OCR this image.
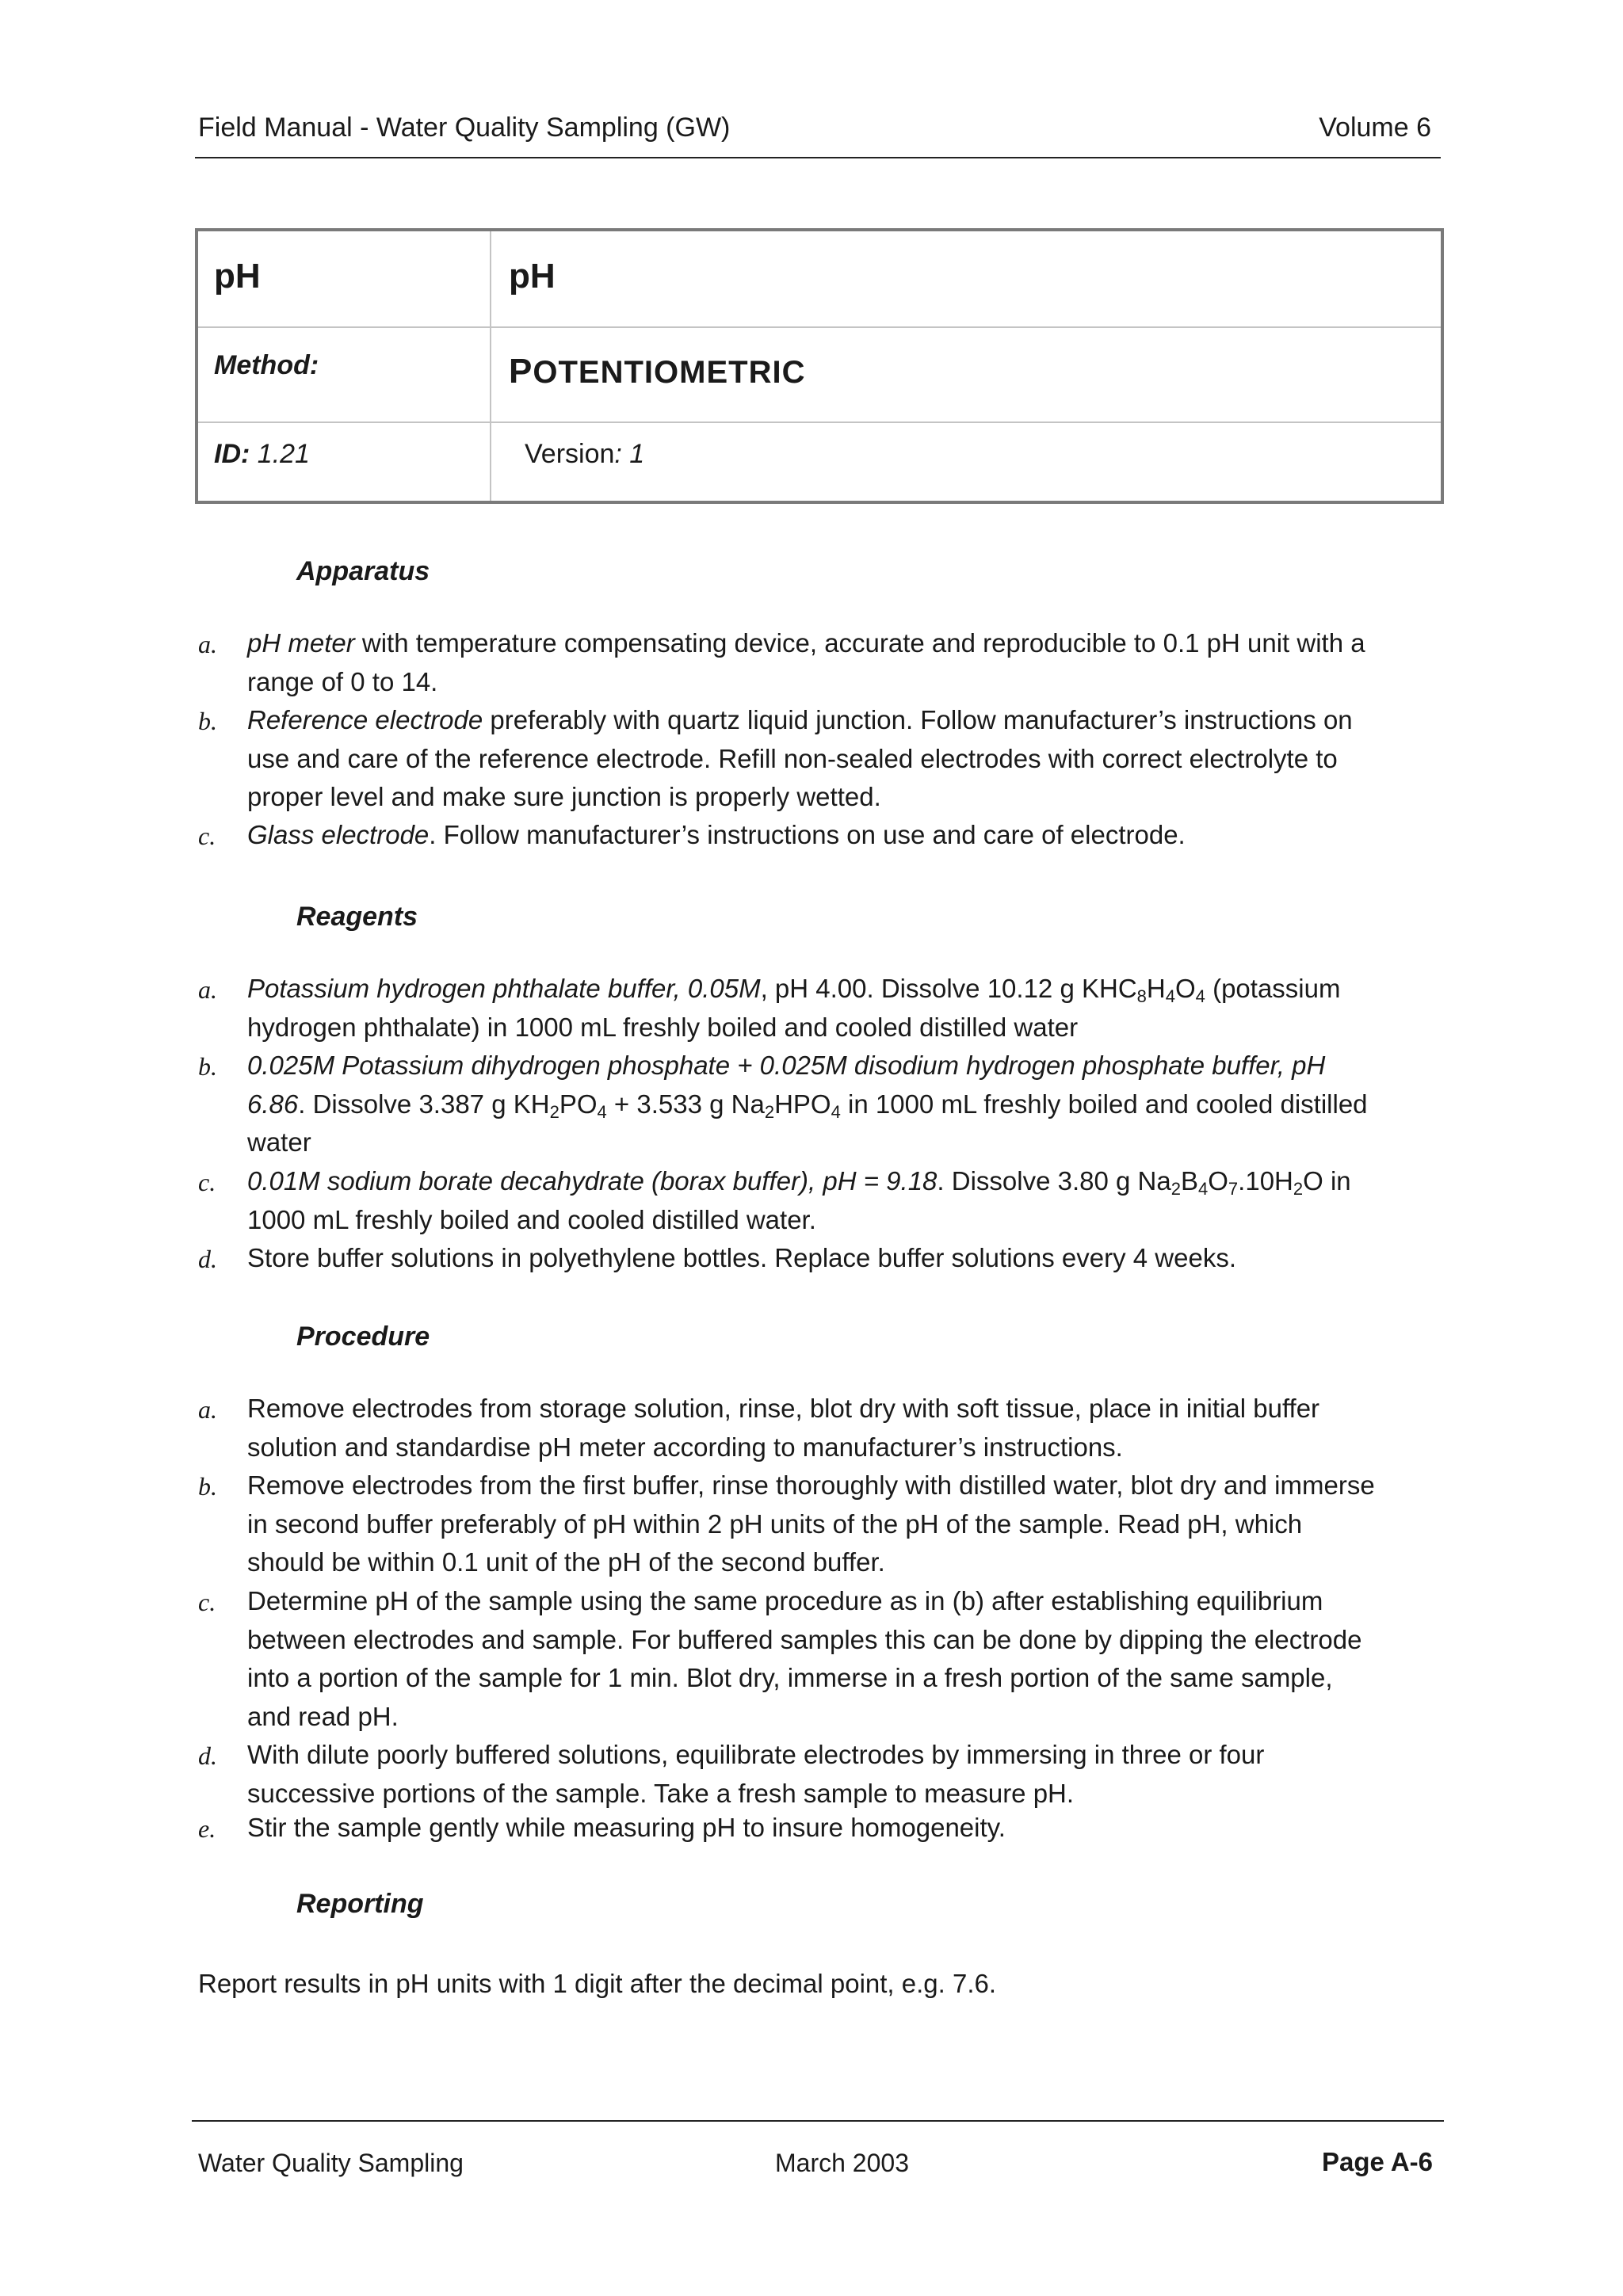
Field Manual - Water Quality Sampling (GW)	Volume 6
pH	pH
Method:	POTENTIOMETRIC
ID: 1.21	Version: 1
Apparatus
a. pH meter with temperature compensating device, accurate and reproducible to 0.1 pH unit with a
range of 0 to 14.
b. Reference electrode preferably with quartz liquid junction. Follow manufacturer’s instructions on
use and care of the reference electrode. Refill non-sealed electrodes with correct electrolyte to
proper level and make sure junction is properly wetted.
c. Glass electrode. Follow manufacturer’s instructions on use and care of electrode.
Reagents
a. Potassium hydrogen phthalate buffer, 0.05M, pH 4.00. Dissolve 10.12 g $KHC_8H_4O_4$ (potassium
hydrogen phthalate) in 1000 mL freshly boiled and cooled distilled water
b. 0.025M Potassium dihydrogen phosphate + 0.025M disodium hydrogen phosphate buffer, pH
6.86. Dissolve 3.387 g $KH_2PO_4 + 3.533$ g $Na_2HPO_4$ in 1000 mL freshly boiled and cooled distilled
water
c. 0.01M sodium borate decahydrate (borax buffer), pH = 9.18. Dissolve 3.80 g $Na_2B_4O_7.10H_2O$ in
1000 mL freshly boiled and cooled distilled water.
d. Store buffer solutions in polyethylene bottles. Replace buffer solutions every 4 weeks.
Procedure
a. Remove electrodes from storage solution, rinse, blot dry with soft tissue, place in initial buffer
solution and standardise pH meter according to manufacturer’s instructions.
b. Remove electrodes from the first buffer, rinse thoroughly with distilled water, blot dry and immerse
in second buffer preferably of pH within 2 pH units of the pH of the sample. Read pH, which
should be within 0.1 unit of the pH of the second buffer.
c. Determine pH of the sample using the same procedure as in (b) after establishing equilibrium
between electrodes and sample. For buffered samples this can be done by dipping the electrode
into a portion of the sample for 1 min. Blot dry, immerse in a fresh portion of the same sample,
and read pH.
d. With dilute poorly buffered solutions, equilibrate electrodes by immersing in three or four
successive portions of the sample. Take a fresh sample to measure pH.
e. Stir the sample gently while measuring pH to insure homogeneity.
Reporting
Report results in pH units with 1 digit after the decimal point, e.g. 7.6.
Water Quality Sampling	March 2003	Page A-6
